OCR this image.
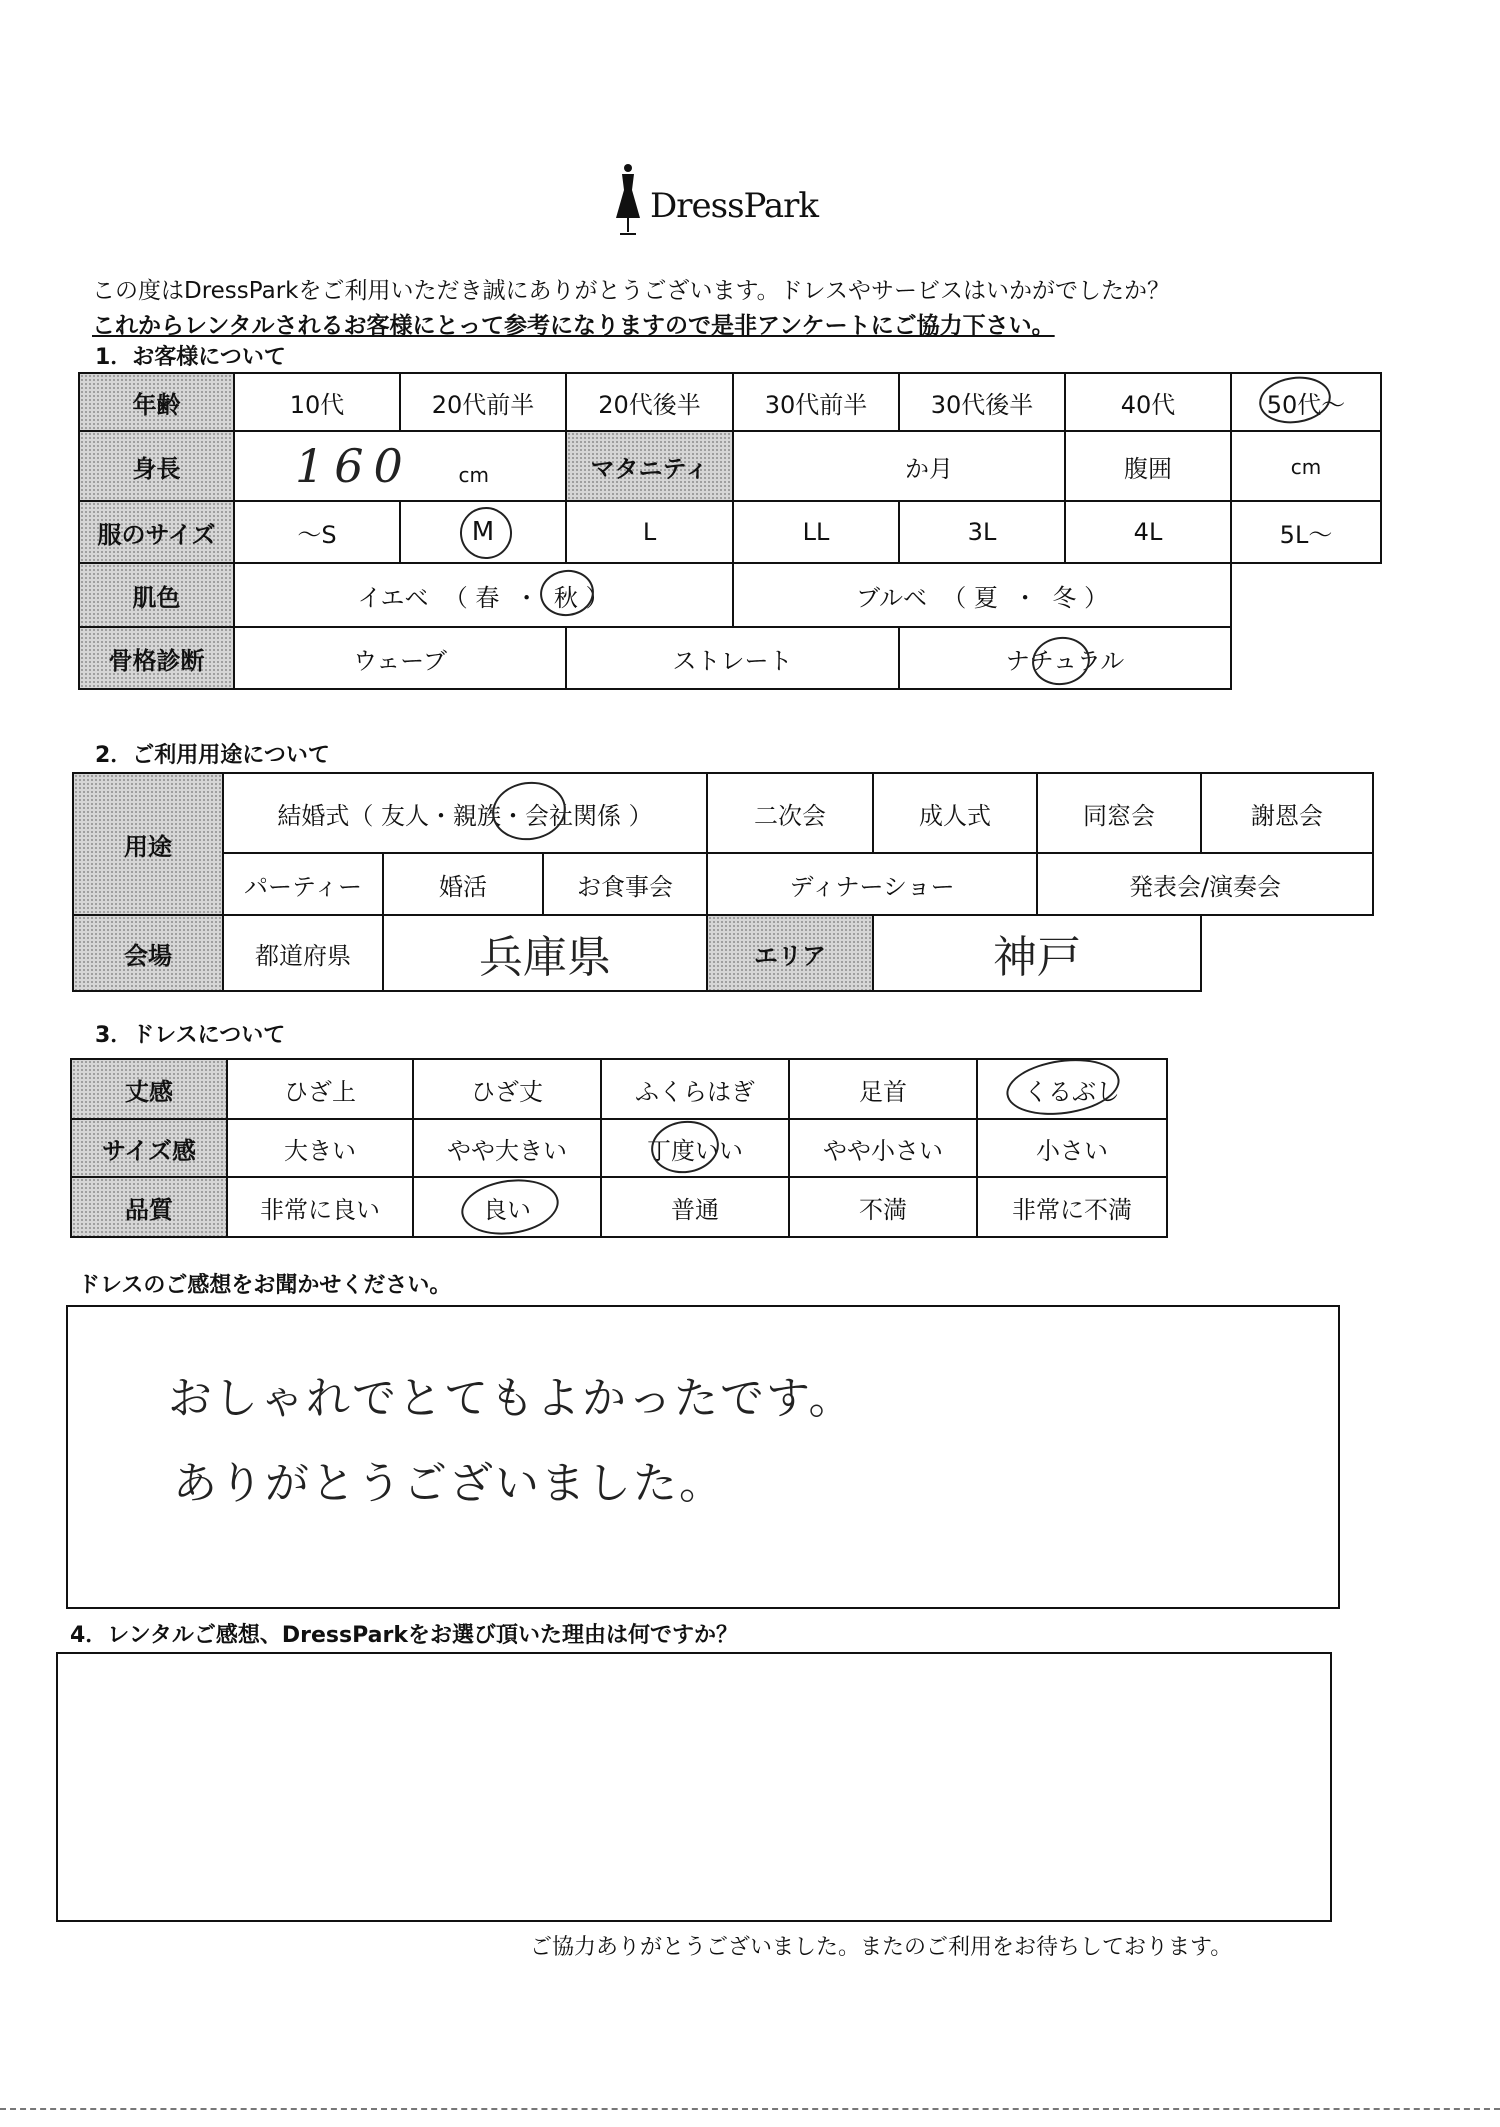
DressPark
この度はDressParkをご利用いただき誠にありがとうございます。ドレスやサービスはいかがでしたか？
これからレンタルされるお客様にとって参考になりますので是非アンケートにご協力下さい。
1．お客様について
年齢	10代	20代前半	20代後半	30代前半	30代後半	40代	50代～

身長	160 cm		マタニティ	か月		腹囲	cm
服のサイズ	～S	M	L	LL	3L	4L	5L～
肌色	イエベ （ 春 ・ 秋 ）			ブルベ （ 夏 ・ 冬 ）			
骨格診断	ウェーブ		ストレート		ナチュラル	

2．ご利用用途について
用途	結婚式（ 友人・親族・会社関係 ）			二次会	成人式	同窓会	謝恩会
	パーティー	婚活	お食事会	ディナーショー		発表会/演奏会	
会場	都道府県	兵庫県		エリア	神戸		
3．ドレスについて
丈感	ひざ上	ひざ丈	ふくらはぎ	足首	くるぶし

サイズ感	大きい	やや大きい	丁度いい	やや小さい	小さい
品質	非常に良い	良い	普通	不満	非常に不満
ドレスのご感想をお聞かせください。
おしゃれでとてもよかったです。
ありがとうございました。
4．レンタルご感想、DressParkをお選び頂いた理由は何ですか？
ご協力ありがとうございました。またのご利用をお待ちしております。
